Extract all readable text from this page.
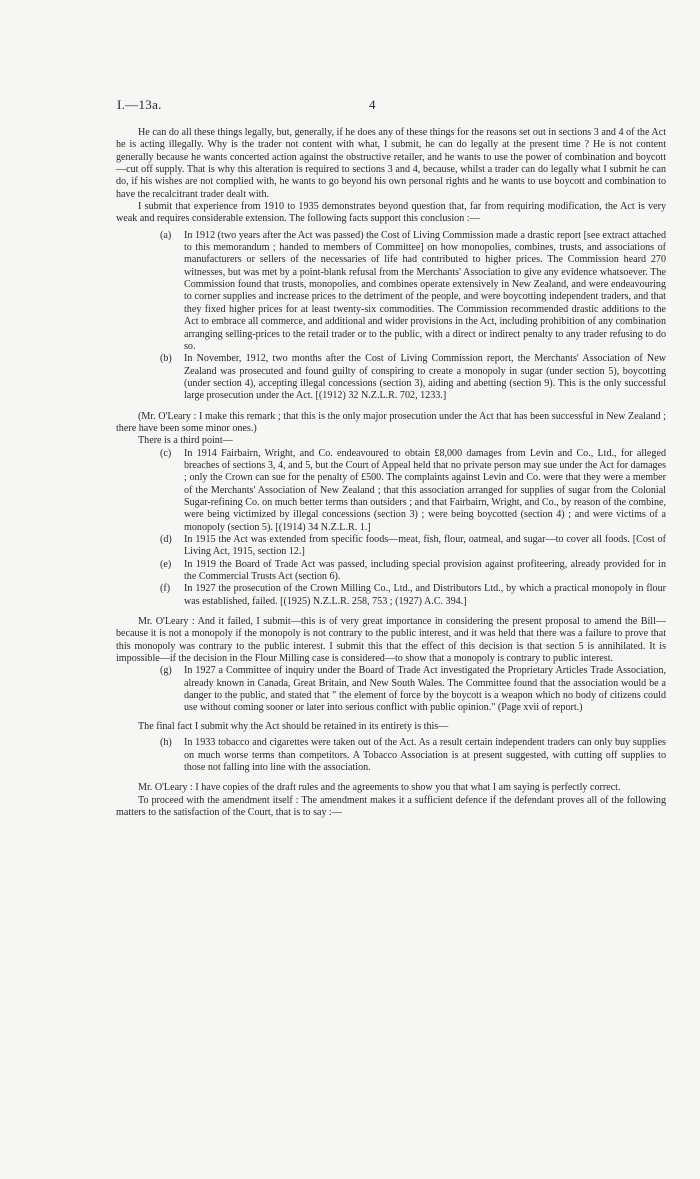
I.—13a.	4

He can do all these things legally, but, generally, if he does any of these things for the reasons set out in sections 3 and 4 of the Act he is acting illegally. Why is the trader not content with what, I submit, he can do legally at the present time ? He is not content generally because he wants concerted action against the obstructive retailer, and he wants to use the power of combination and boycott—cut off supply. That is why this alteration is required to sections 3 and 4, because, whilst a trader can do legally what I submit he can do, if his wishes are not complied with, he wants to go beyond his own personal rights and he wants to use boycott and combination to have the recalcitrant trader dealt with.

I submit that experience from 1910 to 1935 demonstrates beyond question that, far from requiring modification, the Act is very weak and requires considerable extension. The following facts support this conclusion :—

(a) In 1912 (two years after the Act was passed) the Cost of Living Commission made a drastic report [see extract attached to this memorandum ; handed to members of Committee] on how monopolies, combines, trusts, and associations of manufacturers or sellers of the necessaries of life had contributed to higher prices. The Commission heard 270 witnesses, but was met by a point-blank refusal from the Merchants' Association to give any evidence whatsoever. The Commission found that trusts, monopolies, and combines operate extensively in New Zealand, and were endeavouring to corner supplies and increase prices to the detriment of the people, and were boycotting independent traders, and that they fixed higher prices for at least twenty-six commodities. The Commission recommended drastic additions to the Act to embrace all commerce, and additional and wider provisions in the Act, including prohibition of any combination arranging selling-prices to the retail trader or to the public, with a direct or indirect penalty to any trader refusing to do so.

(b) In November, 1912, two months after the Cost of Living Commission report, the Merchants' Association of New Zealand was prosecuted and found guilty of conspiring to create a monopoly in sugar (under section 5), boycotting (under section 4), accepting illegal concessions (section 3), aiding and abetting (section 9). This is the only successful large prosecution under the Act. [(1912) 32 N.Z.L.R. 702, 1233.]

(Mr. O'Leary : I make this remark ; that this is the only major prosecution under the Act that has been successful in New Zealand ; there have been some minor ones.)

There is a third point—

(c) In 1914 Fairbairn, Wright, and Co. endeavoured to obtain £8,000 damages from Levin and Co., Ltd., for alleged breaches of sections 3, 4, and 5, but the Court of Appeal held that no private person may sue under the Act for damages ; only the Crown can sue for the penalty of £500. The complaints against Levin and Co. were that they were a member of the Merchants' Association of New Zealand ; that this association arranged for supplies of sugar from the Colonial Sugar-refining Co. on much better terms than outsiders ; and that Fairbairn, Wright, and Co., by reason of the combine, were being victimized by illegal concessions (section 3) ; were being boycotted (section 4) ; and were victims of a monopoly (section 5). [(1914) 34 N.Z.L.R. 1.]

(d) In 1915 the Act was extended from specific foods—meat, fish, flour, oatmeal, and sugar—to cover all foods. [Cost of Living Act, 1915, section 12.]

(e) In 1919 the Board of Trade Act was passed, including special provision against profiteering, already provided for in the Commercial Trusts Act (section 6).

(f) In 1927 the prosecution of the Crown Milling Co., Ltd., and Distributors Ltd., by which a practical monopoly in flour was established, failed. [(1925) N.Z.L.R. 258, 753 ; (1927) A.C. 394.]

Mr. O'Leary : And it failed, I submit—this is of very great importance in considering the present proposal to amend the Bill—because it is not a monopoly if the monopoly is not contrary to the public interest, and it was held that there was a failure to prove that this monopoly was contrary to the public interest. I submit this that the effect of this decision is that section 5 is annihilated. It is impossible—if the decision in the Flour Milling case is considered—to show that a monopoly is contrary to public interest.

(g) In 1927 a Committee of inquiry under the Board of Trade Act investigated the Proprietary Articles Trade Association, already known in Canada, Great Britain, and New South Wales. The Committee found that the association would be a danger to the public, and stated that " the element of force by the boycott is a weapon which no body of citizens could use without coming sooner or later into serious conflict with public opinion." (Page xvii of report.)

The final fact I submit why the Act should be retained in its entirety is this—

(h) In 1933 tobacco and cigarettes were taken out of the Act. As a result certain independent traders can only buy supplies on much worse terms than competitors. A Tobacco Association is at present suggested, with cutting off supplies to those not falling into line with the association.

Mr. O'Leary : I have copies of the draft rules and the agreements to show you that what I am saying is perfectly correct.

To proceed with the amendment itself : The amendment makes it a sufficient defence if the defendant proves all of the following matters to the satisfaction of the Court, that is to say :—
